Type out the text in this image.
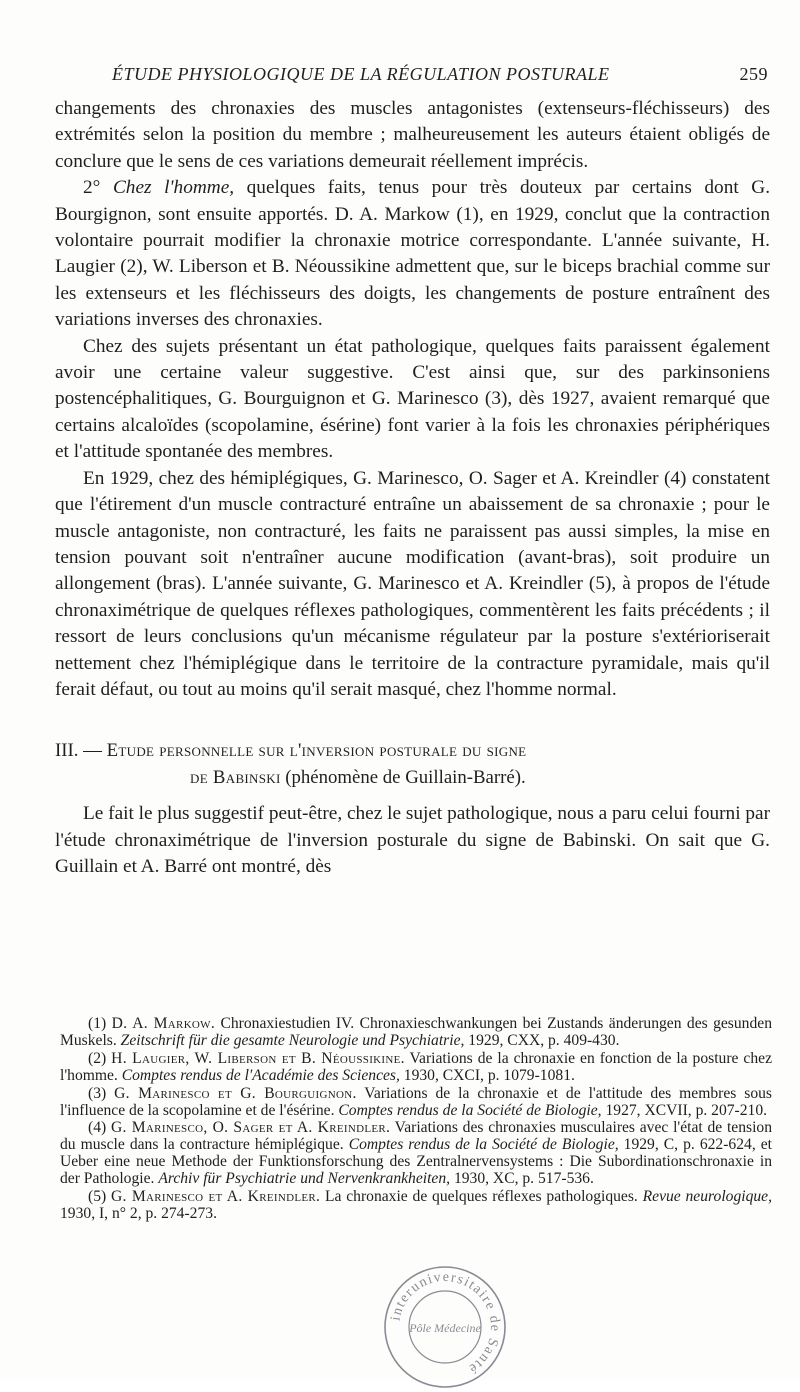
ÉTUDE PHYSIOLOGIQUE DE LA RÉGULATION POSTURALE	259

changements des chronaxies des muscles antagonistes (extenseurs-fléchisseurs) des extrémités selon la position du membre ; malheureusement les auteurs étaient obligés de conclure que le sens de ces variations demeurait réellement imprécis.

2° Chez l'homme, quelques faits, tenus pour très douteux par certains dont G. Bourgignon, sont ensuite apportés. D. A. Markow (1), en 1929, conclut que la contraction volontaire pourrait modifier la chronaxie motrice correspondante. L'année suivante, H. Laugier (2), W. Liberson et B. Néoussikine admettent que, sur le biceps brachial comme sur les extenseurs et les fléchisseurs des doigts, les changements de posture entraînent des variations inverses des chronaxies.

Chez des sujets présentant un état pathologique, quelques faits paraissent également avoir une certaine valeur suggestive. C'est ainsi que, sur des parkinsoniens postencéphalitiques, G. Bourguignon et G. Marinesco (3), dès 1927, avaient remarqué que certains alcaloïdes (scopolamine, ésérine) font varier à la fois les chronaxies périphériques et l'attitude spontanée des membres.

En 1929, chez des hémiplégiques, G. Marinesco, O. Sager et A. Kreindler (4) constatent que l'étirement d'un muscle contracturé entraîne un abaissement de sa chronaxie ; pour le muscle antagoniste, non contracturé, les faits ne paraissent pas aussi simples, la mise en tension pouvant soit n'entraîner aucune modification (avant-bras), soit produire un allongement (bras). L'année suivante, G. Marinesco et A. Kreindler (5), à propos de l'étude chronaximétrique de quelques réflexes pathologiques, commentèrent les faits précédents ; il ressort de leurs conclusions qu'un mécanisme régulateur par la posture s'extérioriserait nettement chez l'hémiplégique dans le territoire de la contracture pyramidale, mais qu'il ferait défaut, ou tout au moins qu'il serait masqué, chez l'homme normal.

III. — Etude personnelle sur l'inversion posturale du signe
de Babinski (phénomène de Guillain-Barré).

Le fait le plus suggestif peut-être, chez le sujet pathologique, nous a paru celui fourni par l'étude chronaximétrique de l'inversion posturale du signe de Babinski. On sait que G. Guillain et A. Barré ont montré, dès

(1) D. A. Markow. Chronaxiestudien IV. Chronaxieschwankungen bei Zustands änderungen des gesunden Muskels. Zeitschrift für die gesamte Neurologie und Psychiatrie, 1929, CXX, p. 409-430.

(2) H. Laugier, W. Liberson et B. Néoussikine. Variations de la chronaxie en fonction de la posture chez l'homme. Comptes rendus de l'Académie des Sciences, 1930, CXCI, p. 1079-1081.

(3) G. Marinesco et G. Bourguignon. Variations de la chronaxie et de l'attitude des membres sous l'influence de la scopolamine et de l'ésérine. Comptes rendus de la Société de Biologie, 1927, XCVII, p. 207-210.

(4) G. Marinesco, O. Sager et A. Kreindler. Variations des chronaxies musculaires avec l'état de tension du muscle dans la contracture hémiplégique. Comptes rendus de la Société de Biologie, 1929, C, p. 622-624, et Ueber eine neue Methode der Funktionsforschung des Zentralnervensystems : Die Subordinationschronaxie in der Pathologie. Archiv für Psychiatrie und Nervenkrankheiten, 1930, XC, p. 517-536.

(5) G. Marinesco et A. Kreindler. La chronaxie de quelques réflexes pathologiques. Revue neurologique, 1930, I, n° 2, p. 274-273.

interuniversitaire de Santé
Pôle Médecine
